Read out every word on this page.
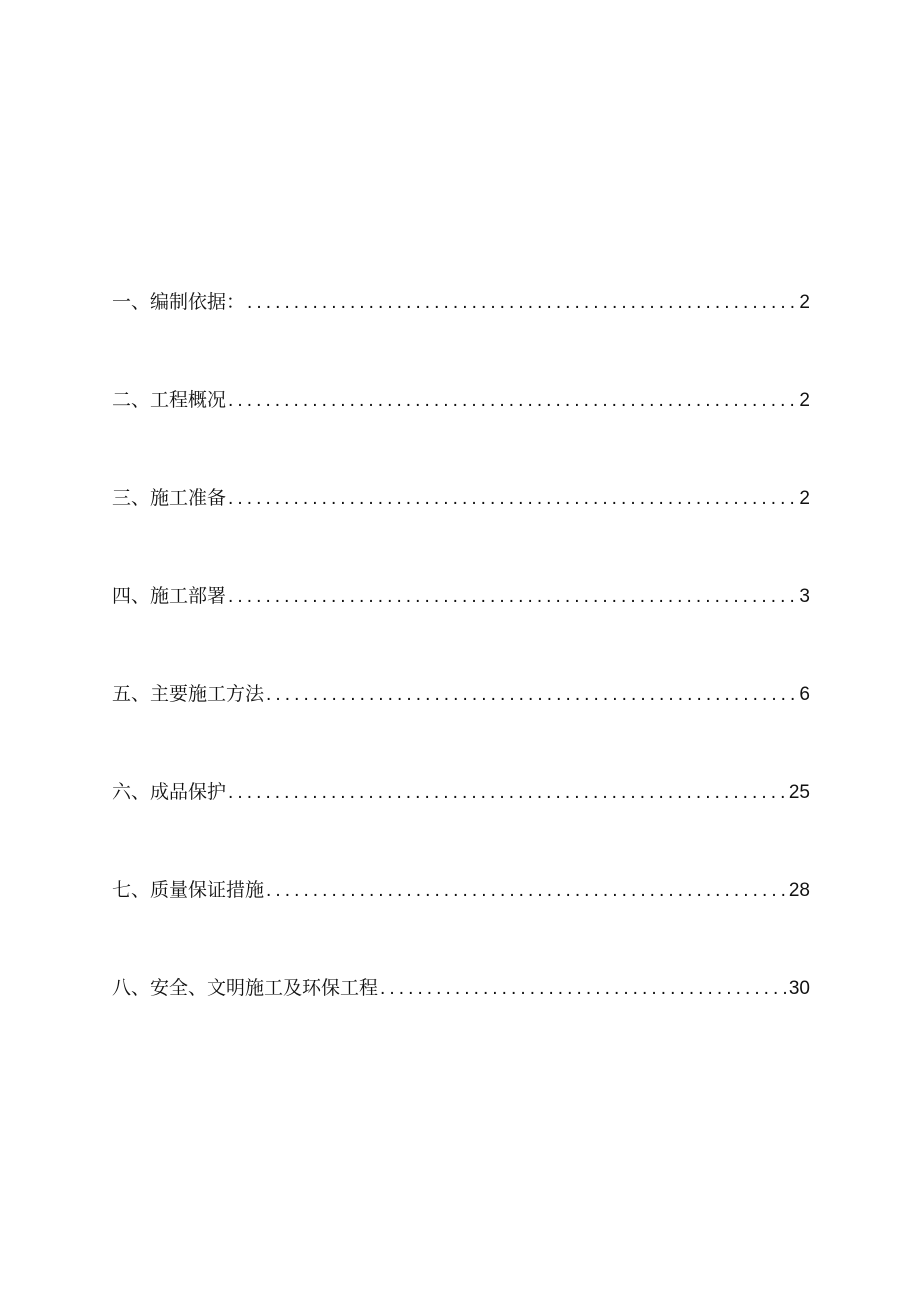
一、编制依据： . . .	2
二、工程概况 . . .	2
三、施工准备 . . .	2
四、施工部署 . . .	3
五、主要施工方法 . . .	6
六、成品保护 . . .	25
七、质量保证措施 . . .	28
八、安全、文明施工及环保工程 . . .	30
